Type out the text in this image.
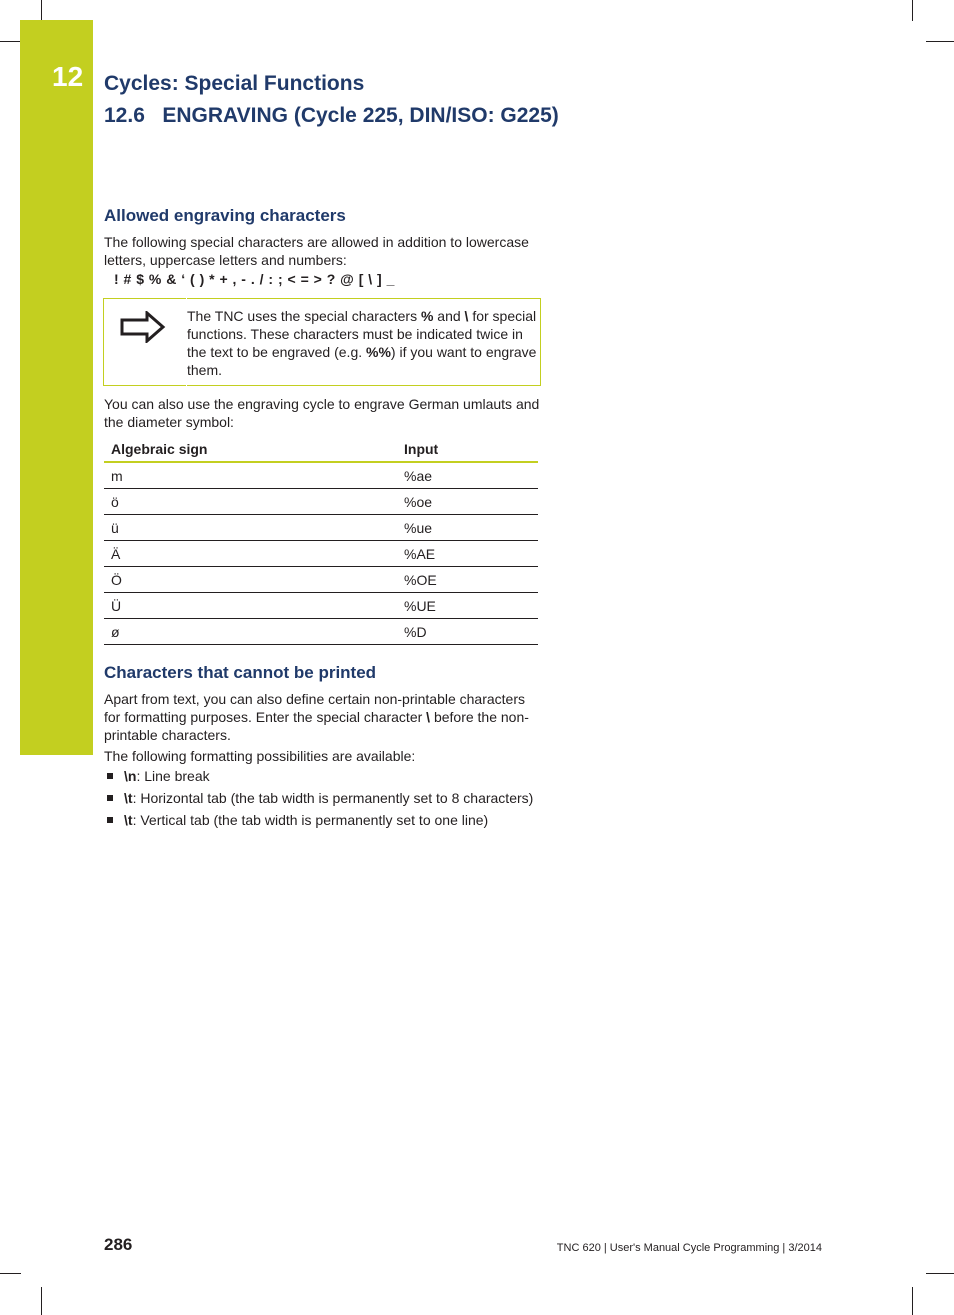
12 Cycles: Special Functions
12.6   ENGRAVING (Cycle 225, DIN/ISO: G225)
Allowed engraving characters
The following special characters are allowed in addition to lowercase letters, uppercase letters and numbers:
! # $ % & ‘ ( ) * + , - . / : ; < = > ? @ [ \ ] _
The TNC uses the special characters % and \ for special functions. These characters must be indicated twice in the text to be engraved (e.g. %%) if you want to engrave them.
You can also use the engraving cycle to engrave German umlauts and the diameter symbol:
Algebraic sign	Input
m	%ae
ö	%oe
ü	%ue
Ä	%AE
Ö	%OE
Ü	%UE
ø	%D
Characters that cannot be printed
Apart from text, you can also define certain non-printable characters for formatting purposes. Enter the special character \ before the non-printable characters.
The following formatting possibilities are available:
\n: Line break
\t: Horizontal tab (the tab width is permanently set to 8 characters)
\t: Vertical tab (the tab width is permanently set to one line)
286	TNC 620 | User's Manual Cycle Programming | 3/2014
